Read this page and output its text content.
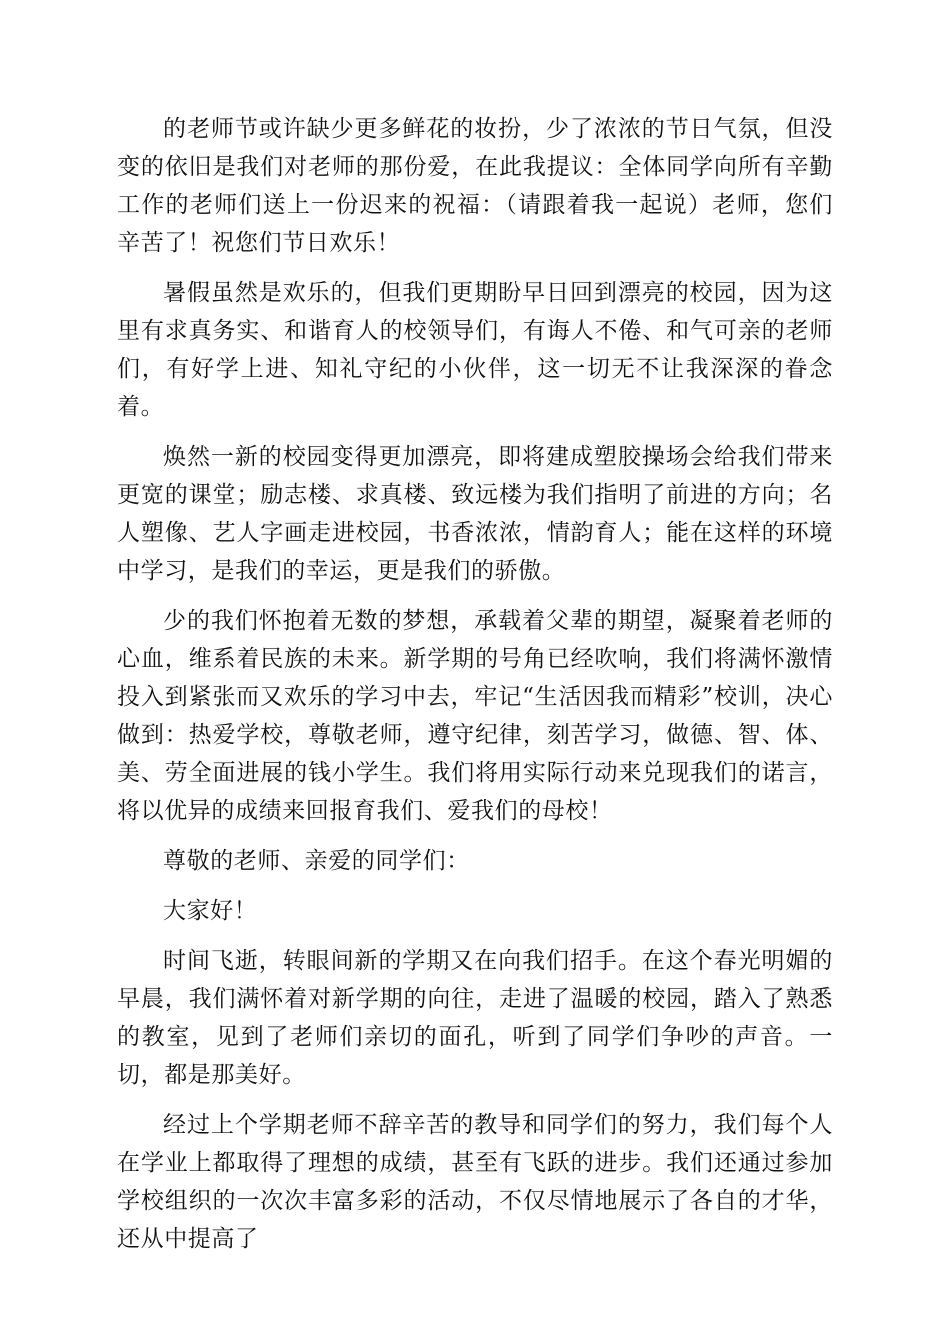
的老师节或许缺少更多鲜花的妆扮，少了浓浓的节日气氛，但没变的依旧是我们对老师的那份爱，在此我提议：全体同学向所有辛勤工作的老师们送上一份迟来的祝福：（请跟着我一起说）老师，您们辛苦了！祝您们节日欢乐！

暑假虽然是欢乐的，但我们更期盼早日回到漂亮的校园，因为这里有求真务实、和谐育人的校领导们，有诲人不倦、和气可亲的老师们，有好学上进、知礼守纪的小伙伴，这一切无不让我深深的眷念着。

焕然一新的校园变得更加漂亮，即将建成塑胶操场会给我们带来更宽的课堂；励志楼、求真楼、致远楼为我们指明了前进的方向；名人塑像、艺人字画走进校园，书香浓浓，情韵育人；能在这样的环境中学习，是我们的幸运，更是我们的骄傲。

少的我们怀抱着无数的梦想，承载着父辈的期望，凝聚着老师的心血，维系着民族的未来。新学期的号角已经吹响，我们将满怀激情投入到紧张而又欢乐的学习中去，牢记“生活因我而精彩”校训，决心做到：热爱学校，尊敬老师，遵守纪律，刻苦学习，做德、智、体、美、劳全面进展的钱小学生。我们将用实际行动来兑现我们的诺言，将以优异的成绩来回报育我们、爱我们的母校！

尊敬的老师、亲爱的同学们：

大家好！

时间飞逝，转眼间新的学期又在向我们招手。在这个春光明媚的早晨，我们满怀着对新学期的向往，走进了温暖的校园，踏入了熟悉的教室，见到了老师们亲切的面孔，听到了同学们争吵的声音。一切，都是那美好。

经过上个学期老师不辞辛苦的教导和同学们的努力，我们每个人在学业上都取得了理想的成绩，甚至有飞跃的进步。我们还通过参加学校组织的一次次丰富多彩的活动，不仅尽情地展示了各自的才华，还从中提高了
